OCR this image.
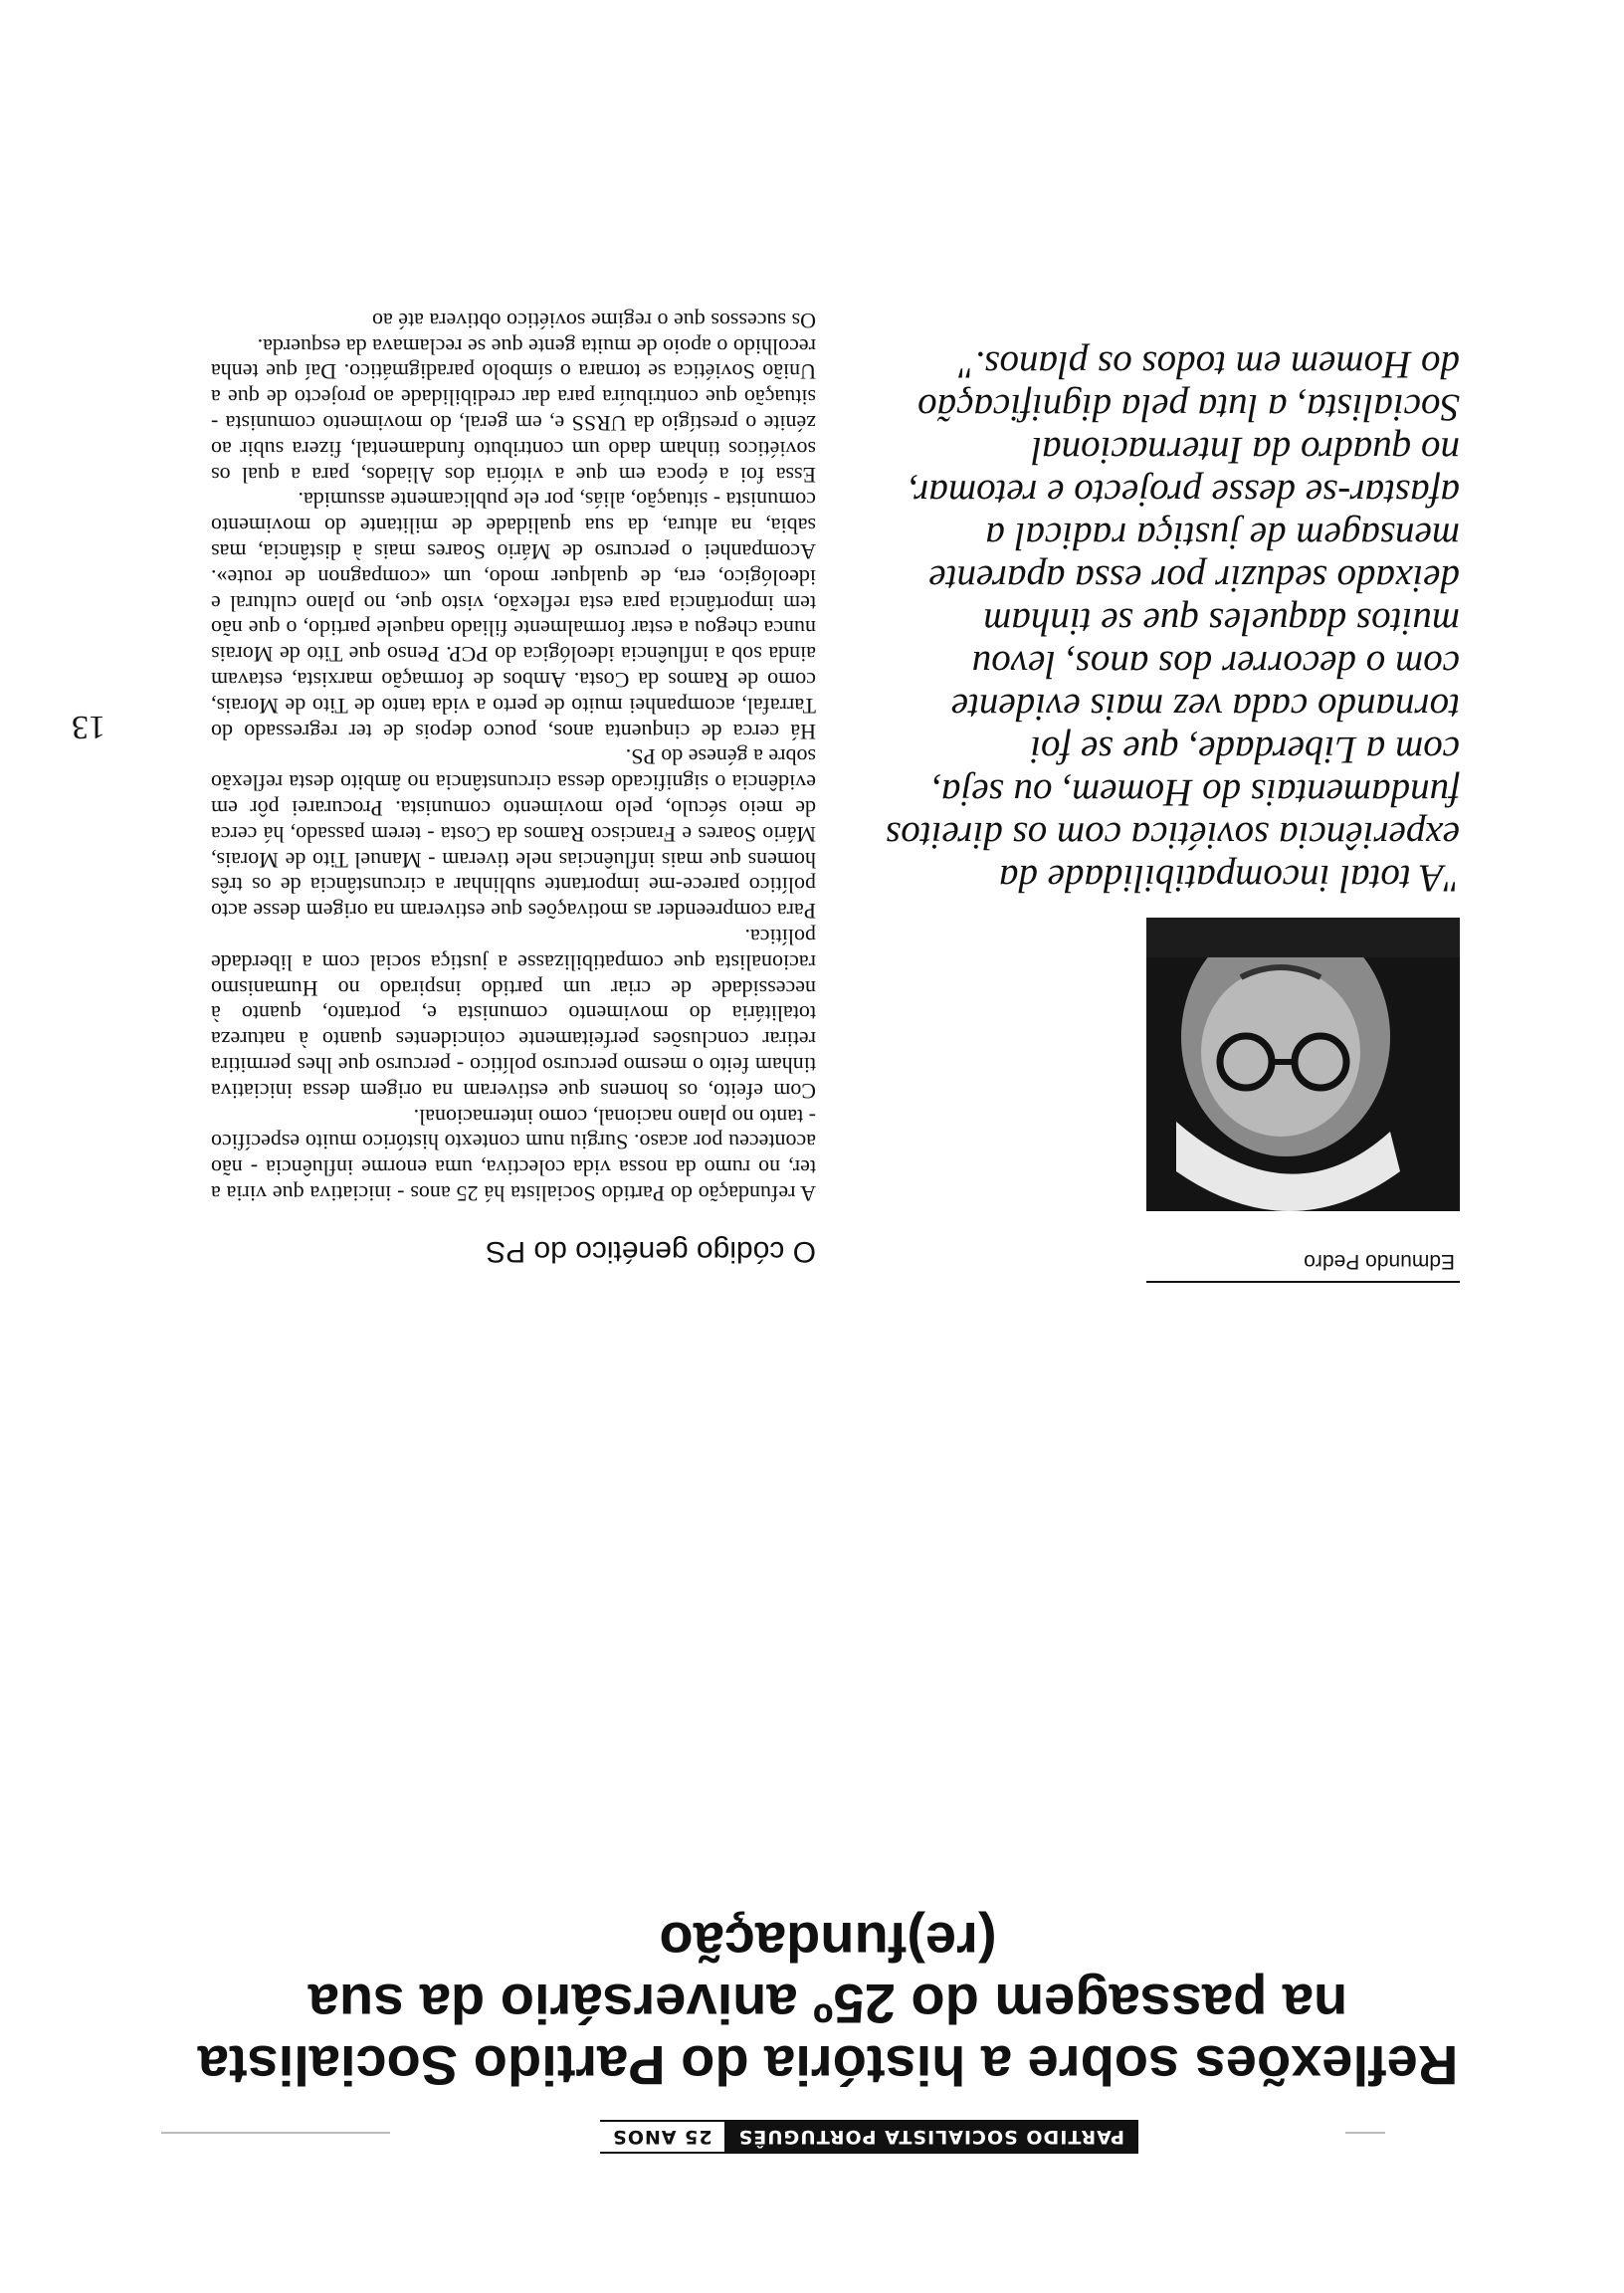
PARTIDO SOCIALISTA PORTUGUÊS
25 ANOS
Reflexões sobre a história do Partido Socialista na passagem do 25º aniversário da sua (re)fundação
Edmundo Pedro

"A total incompatibilidade da experiência soviética com os direitos fundamentais do Homem, ou seja, com a Liberdade, que se foi tornando cada vez mais evidente com o decorrer dos anos, levou muitos daqueles que se tinham deixado seduzir por essa aparente mensagem de justiça radical a afastar-se desse projecto e retomar, no quadro da Internacional Socialista, a luta pela dignificação do Homem em todos os planos."

O código genético do PS

A refundação do Partido Socialista há 25 anos - iniciativa que viria a ter, no rumo da nossa vida colectiva, uma enorme influência - não aconteceu por acaso. Surgiu num contexto histórico muito específico - tanto no plano nacional, como internacional.

Com efeito, os homens que estiveram na origem dessa iniciativa tinham feito o mesmo percurso político - percurso que lhes permitira retirar conclusões perfeitamente coincidentes quanto à natureza totalitária do movimento comunista e, portanto, quanto à necessidade de criar um partido inspirado no Humanismo racionalista que compatibilizasse a justiça social com a liberdade política.

Para compreender as motivações que estiveram na origem desse acto político parece-me importante sublinhar a circunstância de os três homens que mais influências nele tiveram - Manuel Tito de Morais, Mário Soares e Francisco Ramos da Costa - terem passado, há cerca de meio século, pelo movimento comunista. Procurarei pôr em evidência o significado dessa circunstância no âmbito desta reflexão sobre a génese do PS.

Há cerca de cinquenta anos, pouco depois de ter regressado do Tarrafal, acompanhei muito de perto a vida tanto de Tito de Morais, como de Ramos da Costa. Ambos de formação marxista, estavam ainda sob a influência ideológica do PCP. Penso que Tito de Morais nunca chegou a estar formalmente filiado naquele partido, o que não tem importância para esta reflexão, visto que, no plano cultural e ideológico, era, de qualquer modo, um «compagnon de route». Acompanhei o percurso de Mário Soares mais à distância, mas sabia, na altura, da sua qualidade de militante do movimento comunista - situação, aliás, por ele publicamente assumida.

Essa foi a época em que a vitória dos Aliados, para a qual os soviéticos tinham dado um contributo fundamental, fizera subir ao zénite o prestígio da URSS e, em geral, do movimento comunista - situação que contribuíra para dar credibilidade ao projecto de que a União Soviética se tornara o símbolo paradigmático. Daí que tenha recolhido o apoio de muita gente que se reclamava da esquerda.

Os sucessos que o regime soviético obtivera até ao

13
